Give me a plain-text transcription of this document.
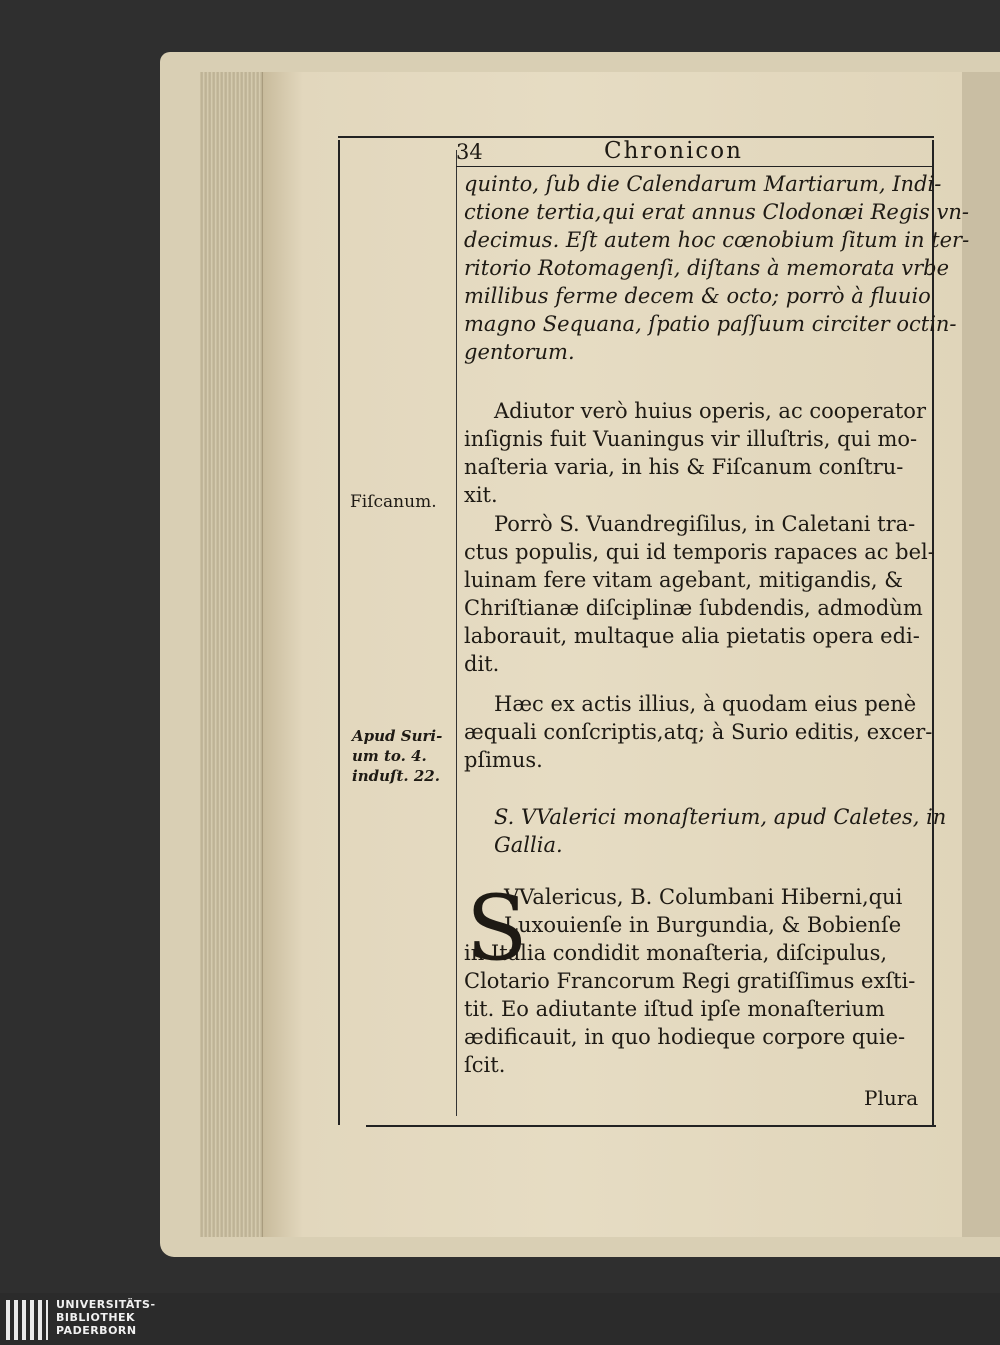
34	Chronicon
quinto, ſub die Calendarum Martiarum, Indi-
ctione tertia,qui erat annus Clodonæi Regis vn-
decimus. Eſt autem hoc cœnobium ſitum in ter-
ritorio Rotomagenſi, diſtans à memorata vrbe
millibus ferme decem & octo; porrò à fluuio
magno Sequana, ſpatio paſſuum circiter octin-
gentorum.
Adiutor verò huius operis, ac cooperator
inſignis fuit Vuaningus vir illuſtris, qui mo-
naſteria varia, in his & Fiſcanum conſtru-
xit.
Porrò S. Vuandregiſilus, in Caletani tra-
ctus populis, qui id temporis rapaces ac bel-
luinam fere vitam agebant, mitigandis, &
Chriſtianæ diſciplinæ ſubdendis, admodùm
laborauit, multaque alia pietatis opera edi-
dit.
Hæc ex actis illius, à quodam eius penè
æquali conſcriptis,atq; à Surio editis, excer-
pſimus.
S. VValerici monaſterium, apud Caletes, in
Gallia.
S
VValericus, B. Columbani Hiberni,qui
Luxouienſe in Burgundia, & Bobienſe
in Italia condidit monaſteria, diſcipulus,
Clotario Francorum Regi gratiſſimus exſti-
tit. Eo adiutante iſtud ipſe monaſterium
ædificauit, in quo hodieque corpore quie-
ſcit.
Plura
Fiſcanum.
Apud Suri-
um to. 4.
induſt. 22.
UNIVERSITÄTS-
BIBLIOTHEK
PADERBORN
